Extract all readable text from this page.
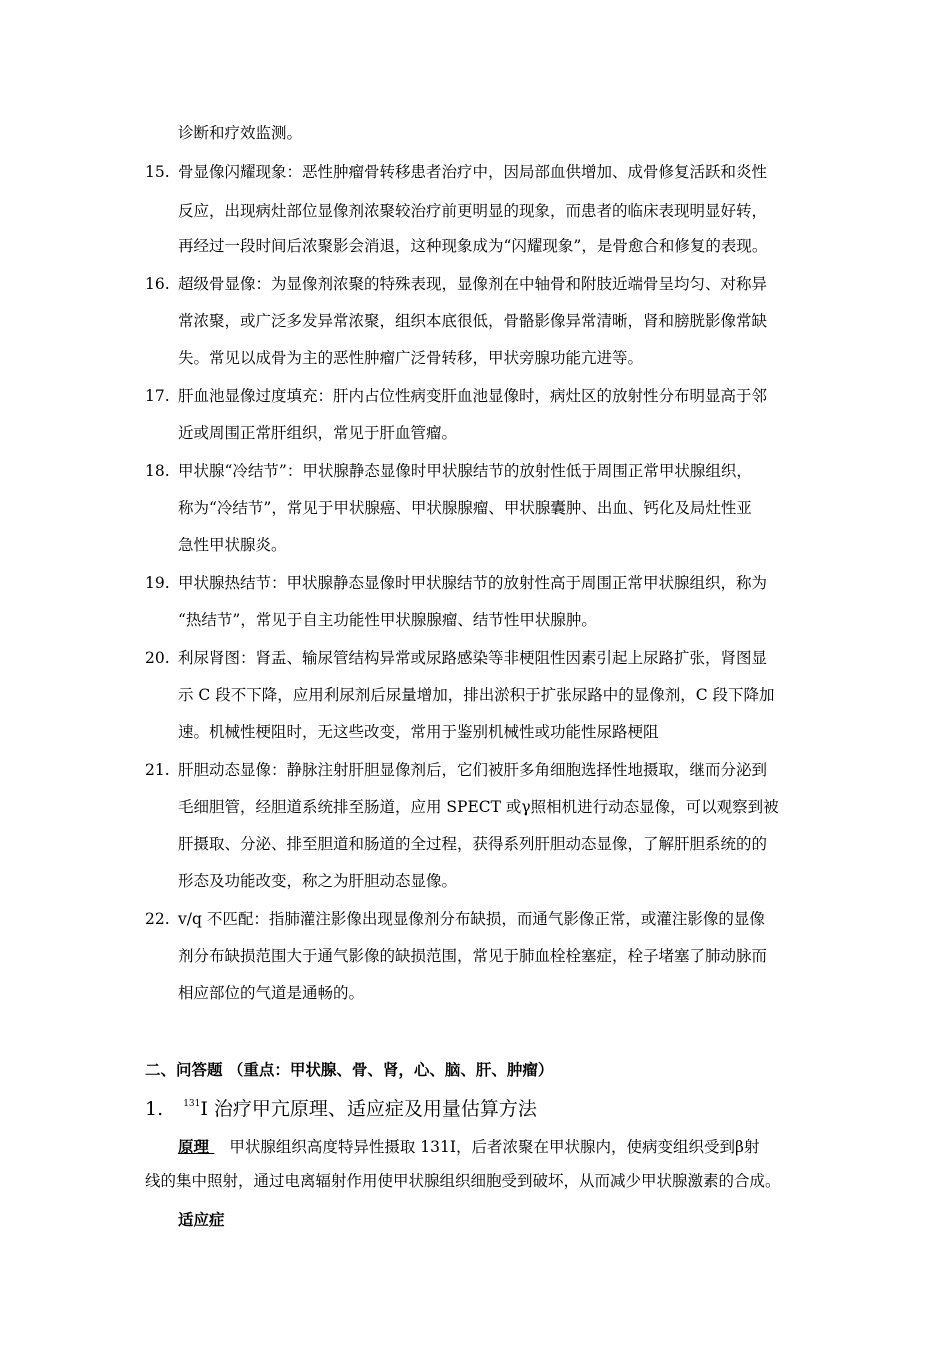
诊断和疗效监测。
15. 骨显像闪耀现象：恶性肿瘤骨转移患者治疗中，因局部血供增加、成骨修复活跃和炎性
反应，出现病灶部位显像剂浓聚较治疗前更明显的现象，而患者的临床表现明显好转，
再经过一段时间后浓聚影会消退，这种现象成为“闪耀现象”，是骨愈合和修复的表现。
16. 超级骨显像：为显像剂浓聚的特殊表现，显像剂在中轴骨和附肢近端骨呈均匀、对称异
常浓聚，或广泛多发异常浓聚，组织本底很低，骨骼影像异常清晰，肾和膀胱影像常缺
失。常见以成骨为主的恶性肿瘤广泛骨转移，甲状旁腺功能亢进等。
17. 肝血池显像过度填充：肝内占位性病变肝血池显像时，病灶区的放射性分布明显高于邻
近或周围正常肝组织，常见于肝血管瘤。
18. 甲状腺“冷结节”：甲状腺静态显像时甲状腺结节的放射性低于周围正常甲状腺组织，
称为“冷结节”，常见于甲状腺癌、甲状腺腺瘤、甲状腺囊肿、出血、钙化及局灶性亚
急性甲状腺炎。
19. 甲状腺热结节：甲状腺静态显像时甲状腺结节的放射性高于周围正常甲状腺组织，称为
“热结节”，常见于自主功能性甲状腺腺瘤、结节性甲状腺肿。
20. 利尿肾图：肾盂、输尿管结构异常或尿路感染等非梗阻性因素引起上尿路扩张，肾图显
示 C 段不下降，应用利尿剂后尿量增加，排出淤积于扩张尿路中的显像剂，C 段下降加
速。机械性梗阻时，无这些改变，常用于鉴别机械性或功能性尿路梗阻
21. 肝胆动态显像：静脉注射肝胆显像剂后，它们被肝多角细胞选择性地摄取，继而分泌到
毛细胆管，经胆道系统排至肠道，应用 SPECT 或γ照相机进行动态显像，可以观察到被
肝摄取、分泌、排至胆道和肠道的全过程，获得系列肝胆动态显像，了解肝胆系统的的
形态及功能改变，称之为肝胆动态显像。
22. v/q 不匹配：指肺灌注影像出现显像剂分布缺损，而通气影像正常，或灌注影像的显像
剂分布缺损范围大于通气影像的缺损范围，常见于肺血栓栓塞症，栓子堵塞了肺动脉而
相应部位的气道是通畅的。
二、问答题 （重点：甲状腺、骨、肾，心、脑、肝、肿瘤）
1. $^{131}$I 治疗甲亢原理、适应症及用量估算方法
原理  甲状腺组织高度特异性摄取 131I，后者浓聚在甲状腺内，使病变组织受到β射
线的集中照射，通过电离辐射作用使甲状腺组织细胞受到破坏，从而减少甲状腺激素的合成。
适应症
